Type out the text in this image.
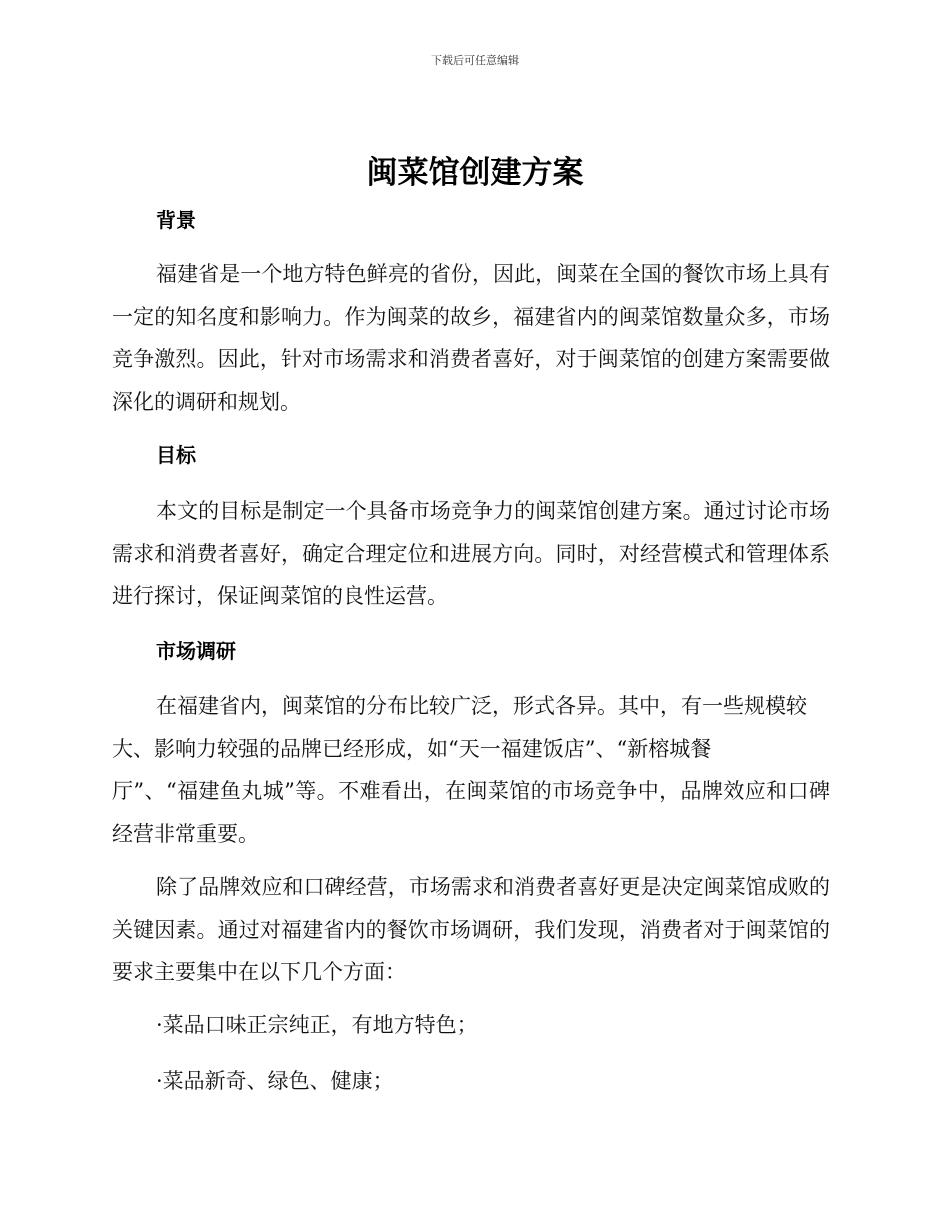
下载后可任意编辑
闽菜馆创建方案
背景

福建省是一个地方特色鲜亮的省份，因此，闽菜在全国的餐饮市场上具有一定的知名度和影响力。作为闽菜的故乡，福建省内的闽菜馆数量众多，市场竞争激烈。因此，针对市场需求和消费者喜好，对于闽菜馆的创建方案需要做深化的调研和规划。

目标

本文的目标是制定一个具备市场竞争力的闽菜馆创建方案。通过讨论市场需求和消费者喜好，确定合理定位和进展方向。同时，对经营模式和管理体系进行探讨，保证闽菜馆的良性运营。

市场调研
在福建省内，闽菜馆的分布比较广泛，形式各异。其中，有一些规模较
大、影响力较强的品牌已经形成，如“天一福建饭店”、“新榕城餐
厅”、“福建鱼丸城”等。不难看出，在闽菜馆的市场竞争中，品牌效应和口碑经营非常重要。

除了品牌效应和口碑经营，市场需求和消费者喜好更是决定闽菜馆成败的关键因素。通过对福建省内的餐饮市场调研，我们发现，消费者对于闽菜馆的要求主要集中在以下几个方面：

·菜品口味正宗纯正，有地方特色；

·菜品新奇、绿色、健康；
